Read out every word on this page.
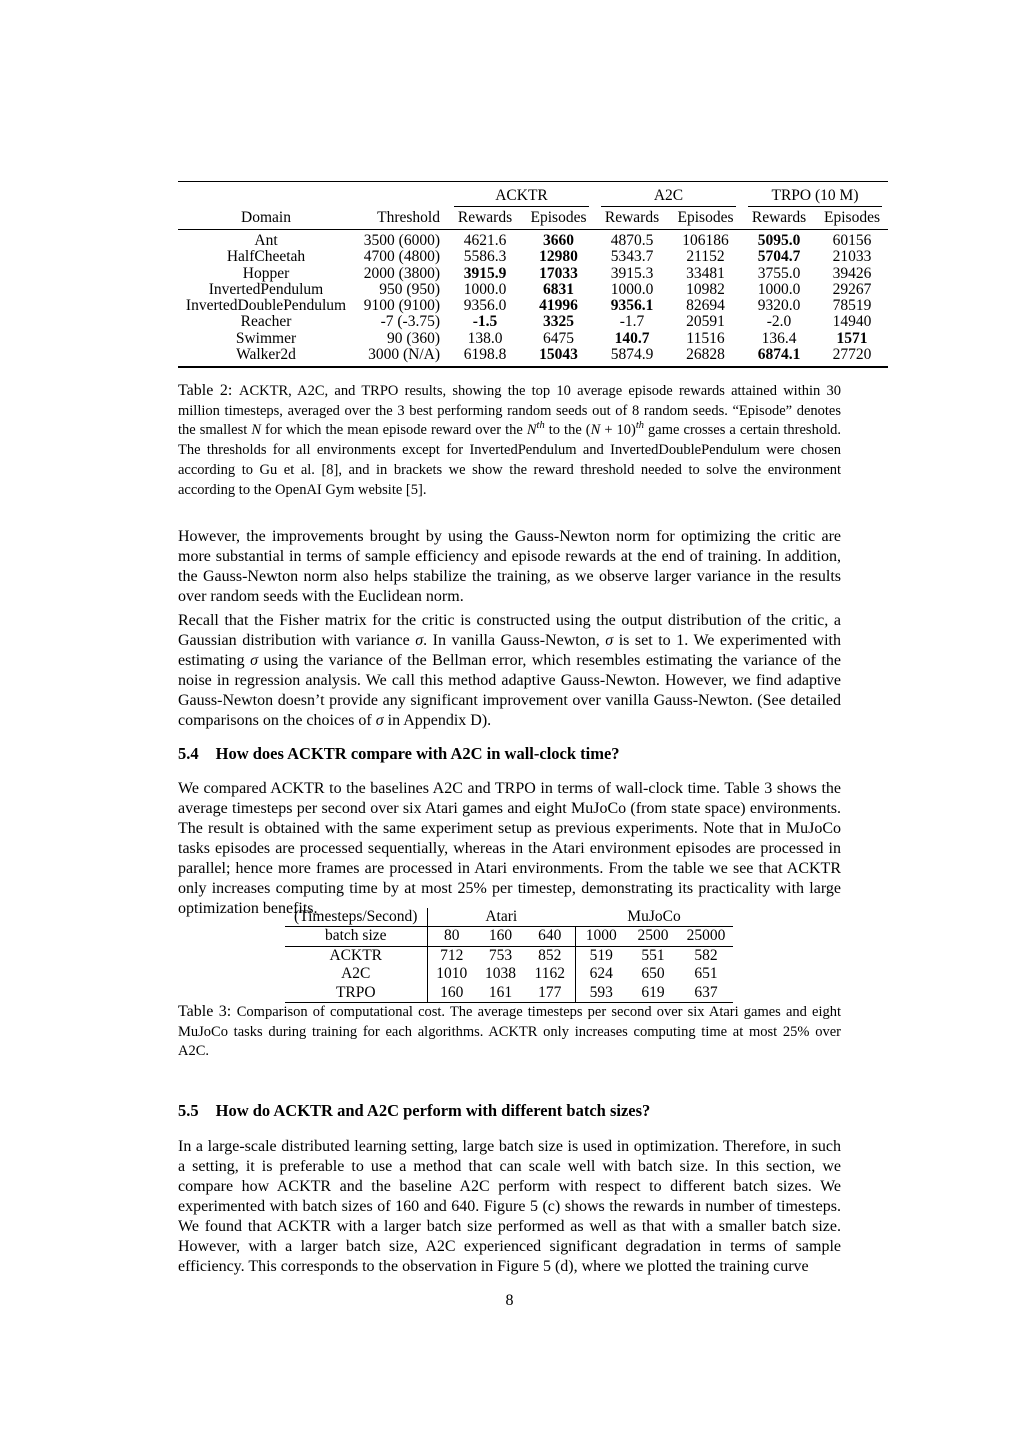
		ACKTR		A2C		TRPO (10 M)	

Domain	Threshold	Rewards	Episodes	Rewards	Episodes	Rewards	Episodes
Ant	3500 (6000)	4621.6	3660	4870.5	106186	5095.0	60156
HalfCheetah	4700 (4800)	5586.3	12980	5343.7	21152	5704.7	21033
Hopper	2000 (3800)	3915.9	17033	3915.3	33481	3755.0	39426
InvertedPendulum	950 (950)	1000.0	6831	1000.0	10982	1000.0	29267
InvertedDoublePendulum	9100 (9100)	9356.0	41996	9356.1	82694	9320.0	78519
Reacher	-7 (-3.75)	-1.5	3325	-1.7	20591	-2.0	14940
Swimmer	90 (360)	138.0	6475	140.7	11516	136.4	1571
Walker2d	3000 (N/A)	6198.8	15043	5874.9	26828	6874.1	27720
Table 2: ACKTR, A2C, and TRPO results, showing the top 10 average episode rewards attained within 30 million timesteps, averaged over the 3 best performing random seeds out of 8 random seeds. “Episode” denotes the smallest N for which the mean episode reward over the $N^{th}$ to the $(N + 10)^{th}$ game crosses a certain threshold. The thresholds for all environments except for InvertedPendulum and InvertedDoublePendulum were chosen according to Gu et al. [8], and in brackets we show the reward threshold needed to solve the environment according to the OpenAI Gym website [5].

However, the improvements brought by using the Gauss-Newton norm for optimizing the critic are more substantial in terms of sample efficiency and episode rewards at the end of training. In addition, the Gauss-Newton norm also helps stabilize the training, as we observe larger variance in the results over random seeds with the Euclidean norm.

Recall that the Fisher matrix for the critic is constructed using the output distribution of the critic, a Gaussian distribution with variance σ. In vanilla Gauss-Newton, σ is set to 1. We experimented with estimating σ using the variance of the Bellman error, which resembles estimating the variance of the noise in regression analysis. We call this method adaptive Gauss-Newton. However, we find adaptive Gauss-Newton doesn’t provide any significant improvement over vanilla Gauss-Newton. (See detailed comparisons on the choices of σ in Appendix D).

5.4 How does ACKTR compare with A2C in wall-clock time?

We compared ACKTR to the baselines A2C and TRPO in terms of wall-clock time. Table 3 shows the average timesteps per second over six Atari games and eight MuJoCo (from state space) environments. The result is obtained with the same experiment setup as previous experiments. Note that in MuJoCo tasks episodes are processed sequentially, whereas in the Atari environment episodes are processed in parallel; hence more frames are processed in Atari environments. From the table we see that ACKTR only increases computing time by at most 25% per timestep, demonstrating its practicality with large optimization benefits.

(Timesteps/Second)	Atari			MuJoCo		
batch size	80	160	640	1000	2500	25000
ACKTR	712	753	852	519	551	582
A2C	1010	1038	1162	624	650	651
TRPO	160	161	177	593	619	637
Table 3: Comparison of computational cost. The average timesteps per second over six Atari games and eight MuJoCo tasks during training for each algorithms. ACKTR only increases computing time at most 25% over A2C.
5.5 How do ACKTR and A2C perform with different batch sizes?

In a large-scale distributed learning setting, large batch size is used in optimization. Therefore, in such a setting, it is preferable to use a method that can scale well with batch size. In this section, we compare how ACKTR and the baseline A2C perform with respect to different batch sizes. We experimented with batch sizes of 160 and 640. Figure 5 (c) shows the rewards in number of timesteps. We found that ACKTR with a larger batch size performed as well as that with a smaller batch size. However, with a larger batch size, A2C experienced significant degradation in terms of sample efficiency. This corresponds to the observation in Figure 5 (d), where we plotted the training curve

8
